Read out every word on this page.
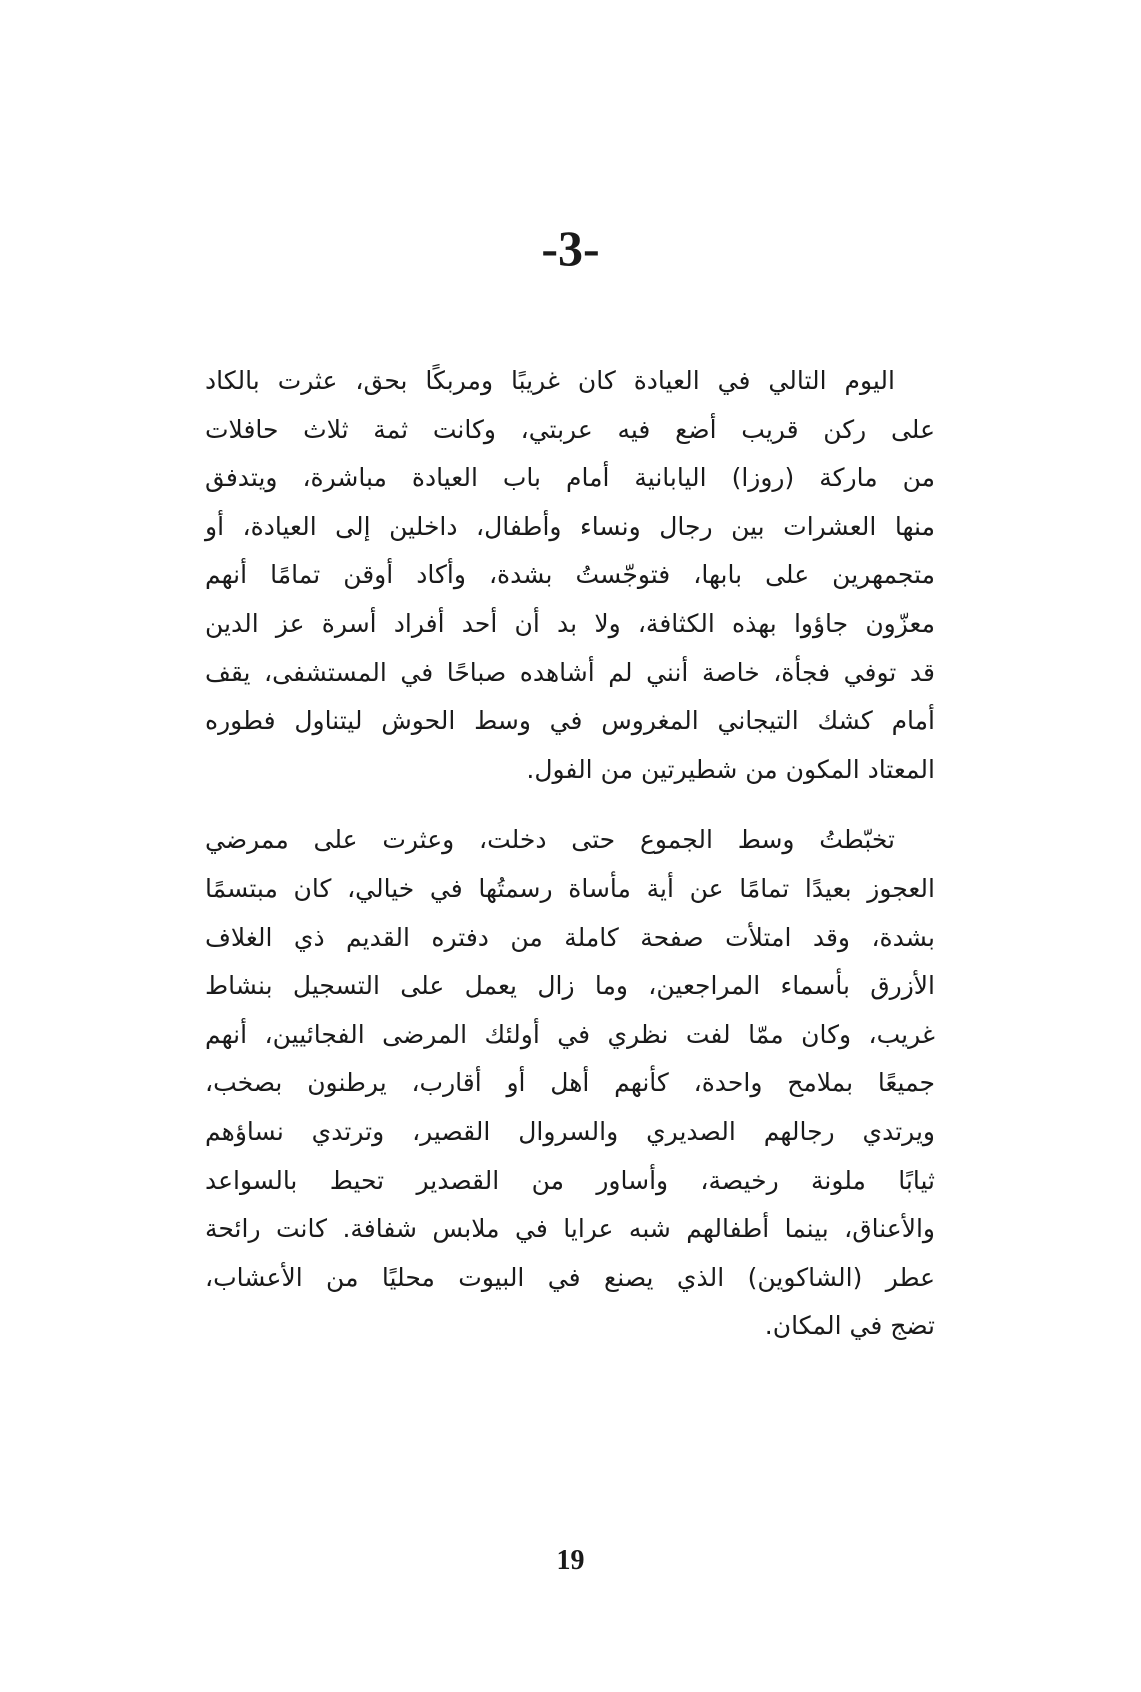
-3-
اليوم التالي في العيادة كان غريبًا ومربكًا بحق، عثرت بالكاد
على ركن قريب أضع فيه عربتي، وكانت ثمة ثلاث حافلات
من ماركة (روزا) اليابانية أمام باب العيادة مباشرة، ويتدفق
منها العشرات بين رجال ونساء وأطفال، داخلين إلى العيادة، أو
متجمهرين على بابها، فتوجّستُ بشدة، وأكاد أوقن تمامًا أنهم
معزّون جاؤوا بهذه الكثافة، ولا بد أن أحد أفراد أسرة عز الدين
قد توفي فجأة، خاصة أنني لم أشاهده صباحًا في المستشفى، يقف
أمام كشك التيجاني المغروس في وسط الحوش ليتناول فطوره
المعتاد المكون من شطيرتين من الفول.
تخبّطتُ وسط الجموع حتى دخلت، وعثرت على ممرضي
العجوز بعيدًا تمامًا عن أية مأساة رسمتُها في خيالي، كان مبتسمًا
بشدة، وقد امتلأت صفحة كاملة من دفتره القديم ذي الغلاف
الأزرق بأسماء المراجعين، وما زال يعمل على التسجيل بنشاط
غريب، وكان ممّا لفت نظري في أولئك المرضى الفجائيين، أنهم
جميعًا بملامح واحدة، كأنهم أهل أو أقارب، يرطنون بصخب،
ويرتدي رجالهم الصديري والسروال القصير، وترتدي نساؤهم
ثيابًا ملونة رخيصة، وأساور من القصدير تحيط بالسواعد
والأعناق، بينما أطفالهم شبه عرايا في ملابس شفافة. كانت رائحة
عطر (الشاكوين) الذي يصنع في البيوت محليًا من الأعشاب،
تضج في المكان.
19
